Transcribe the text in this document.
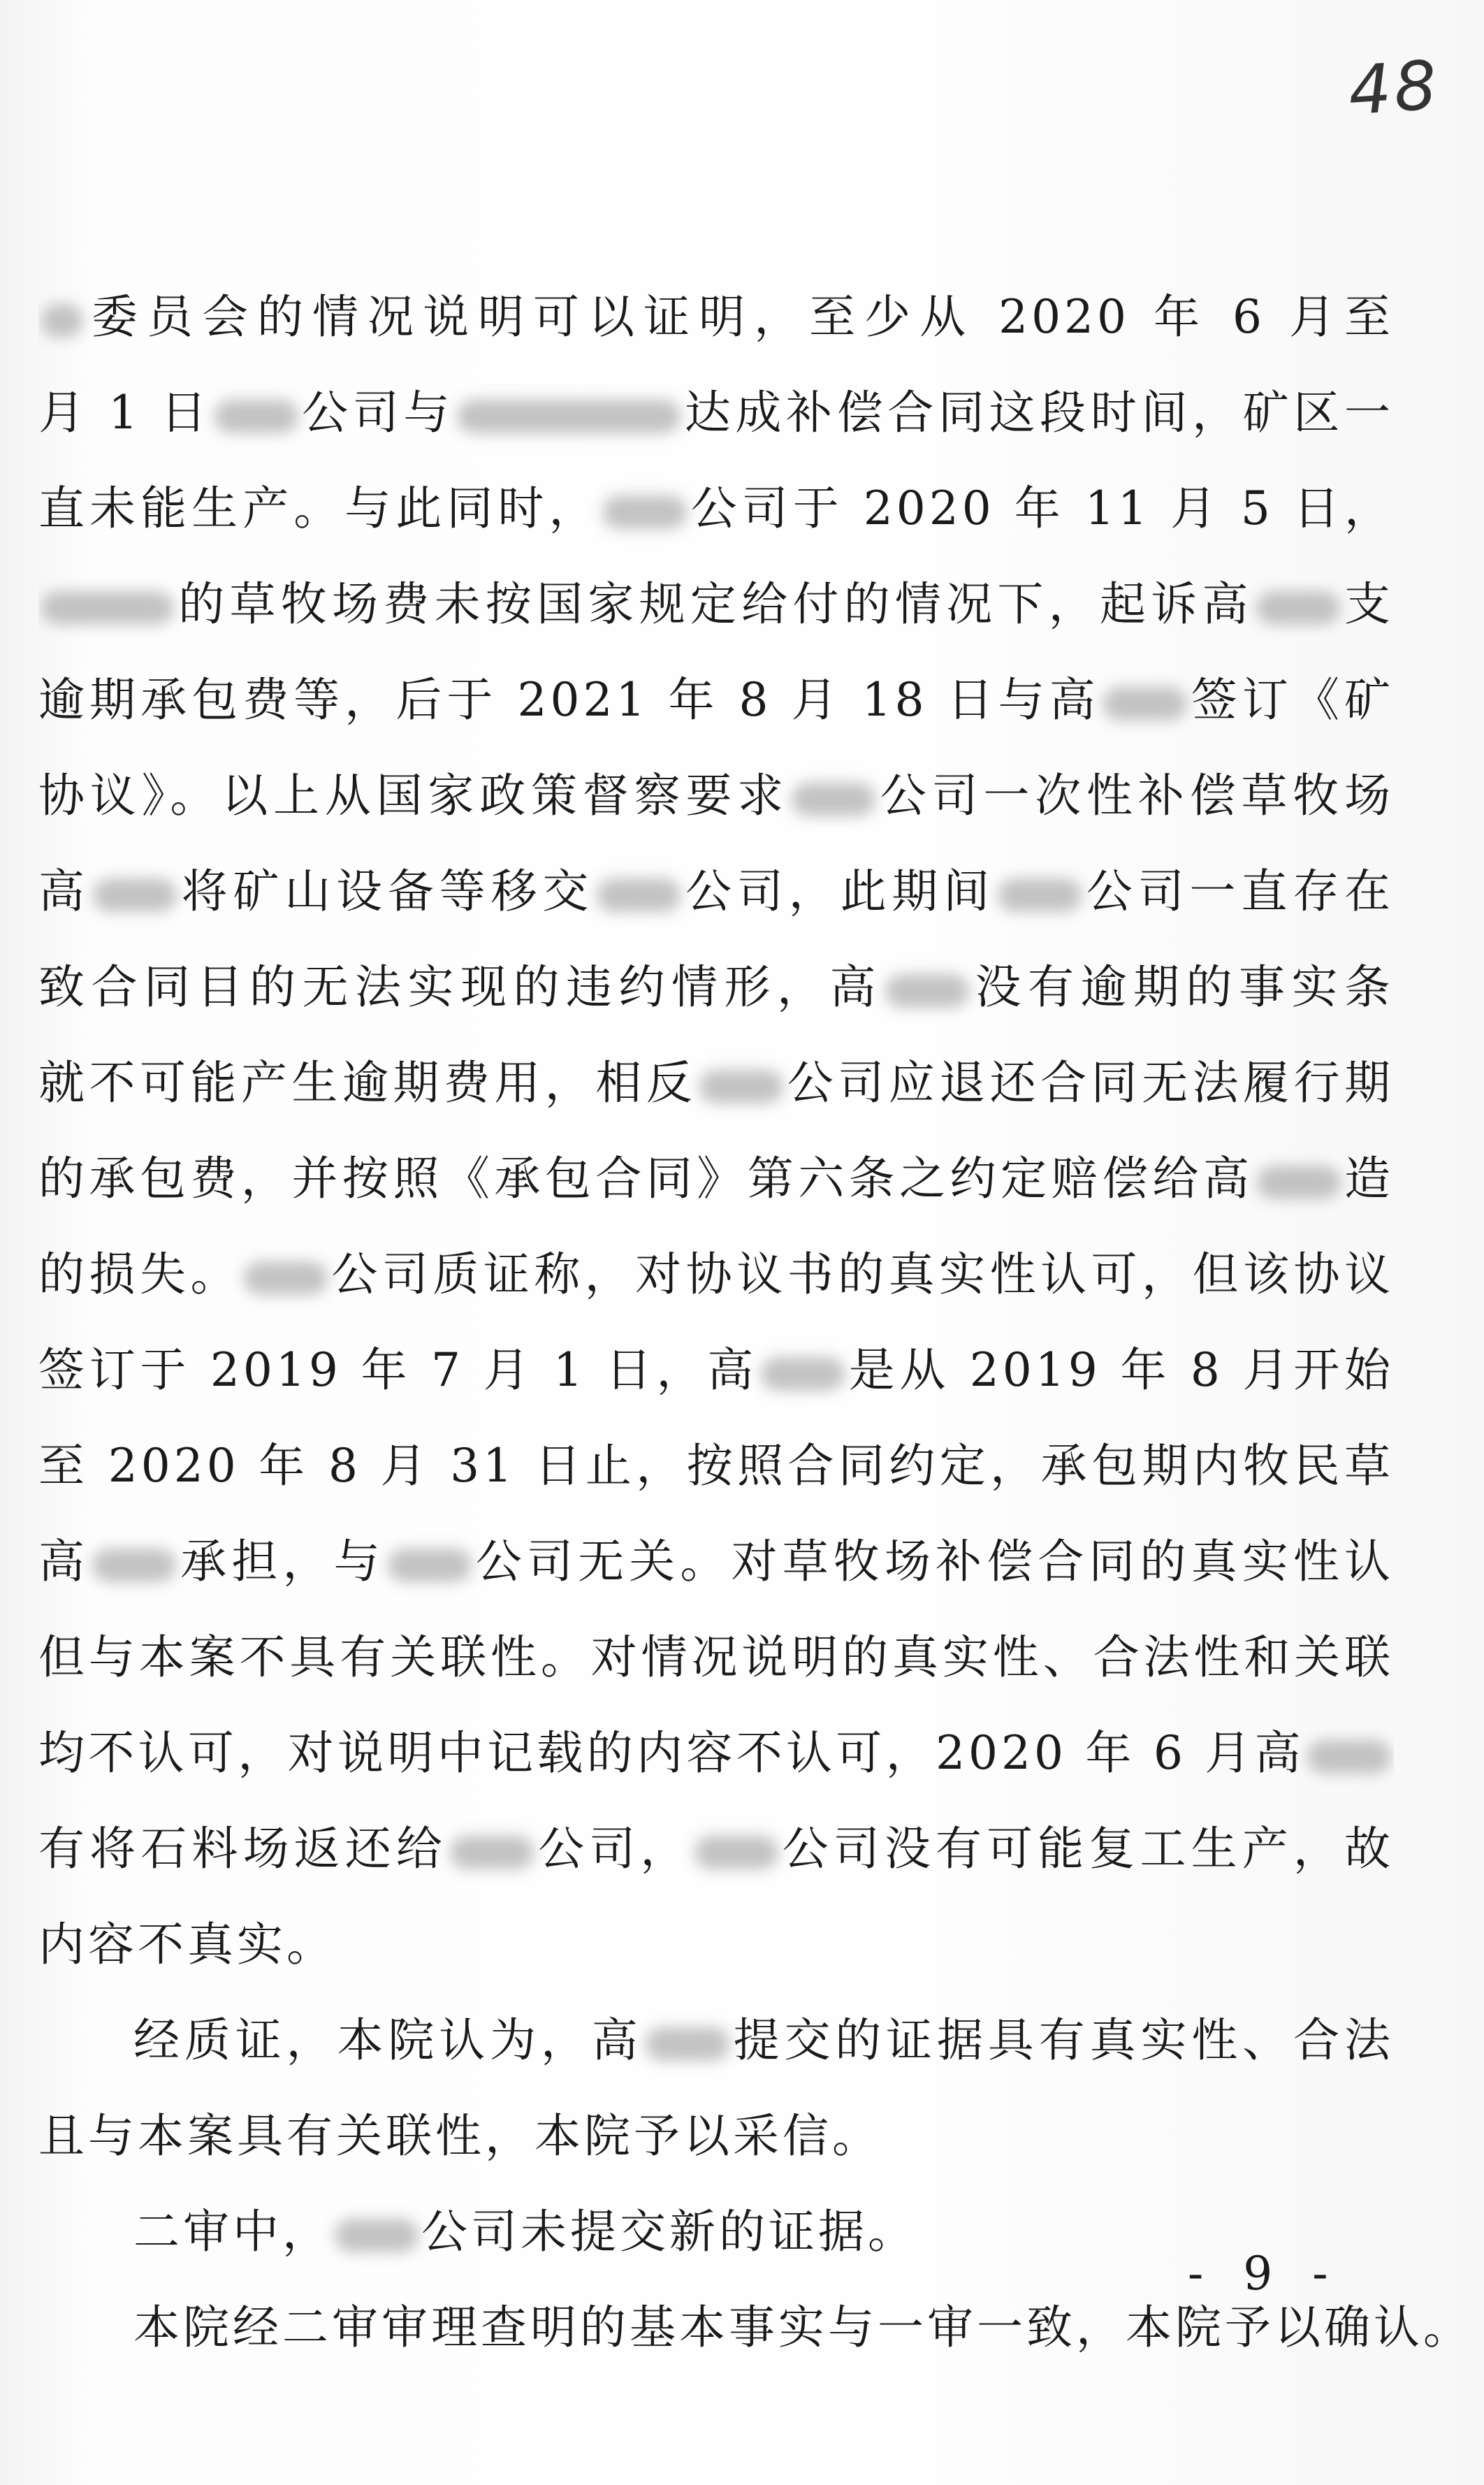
48
委员会的情况说明可以证明，至少从 2020 年 6 月至
月 1 日 公司与	达成补偿合同这段时间，矿区一
直未能生产。与此同时， 公司于 2020 年 11 月 5 日，
的草牧场费未按国家规定给付的情况下，起诉高 支
逾期承包费等，后于 2021 年 8 月 18 日与高 签订《矿
协议》。以上从国家政策督察要求 公司一次性补偿草牧场
高 将矿山设备等移交 公司，此期间 公司一直存在
致合同目的无法实现的违约情形，高 没有逾期的事实条
就不可能产生逾期费用，相反 公司应退还合同无法履行期
的承包费，并按照《承包合同》第六条之约定赔偿给高 造
的损失。 公司质证称，对协议书的真实性认可，但该协议
签订于 2019 年 7 月 1 日，高 是从 2019 年 8 月开始
至 2020 年 8 月 31 日止，按照合同约定，承包期内牧民草
高 承担，与 公司无关。对草牧场补偿合同的真实性认
但与本案不具有关联性。对情况说明的真实性、合法性和关联
均不认可，对说明中记载的内容不认可，2020 年 6 月高
有将石料场返还给 公司， 公司没有可能复工生产，故
内容不真实。
经质证，本院认为，高 提交的证据具有真实性、合法
且与本案具有关联性，本院予以采信。
二审中， 公司未提交新的证据。
本院经二审审理查明的基本事实与一审一致，本院予以确认。
- 9 -
